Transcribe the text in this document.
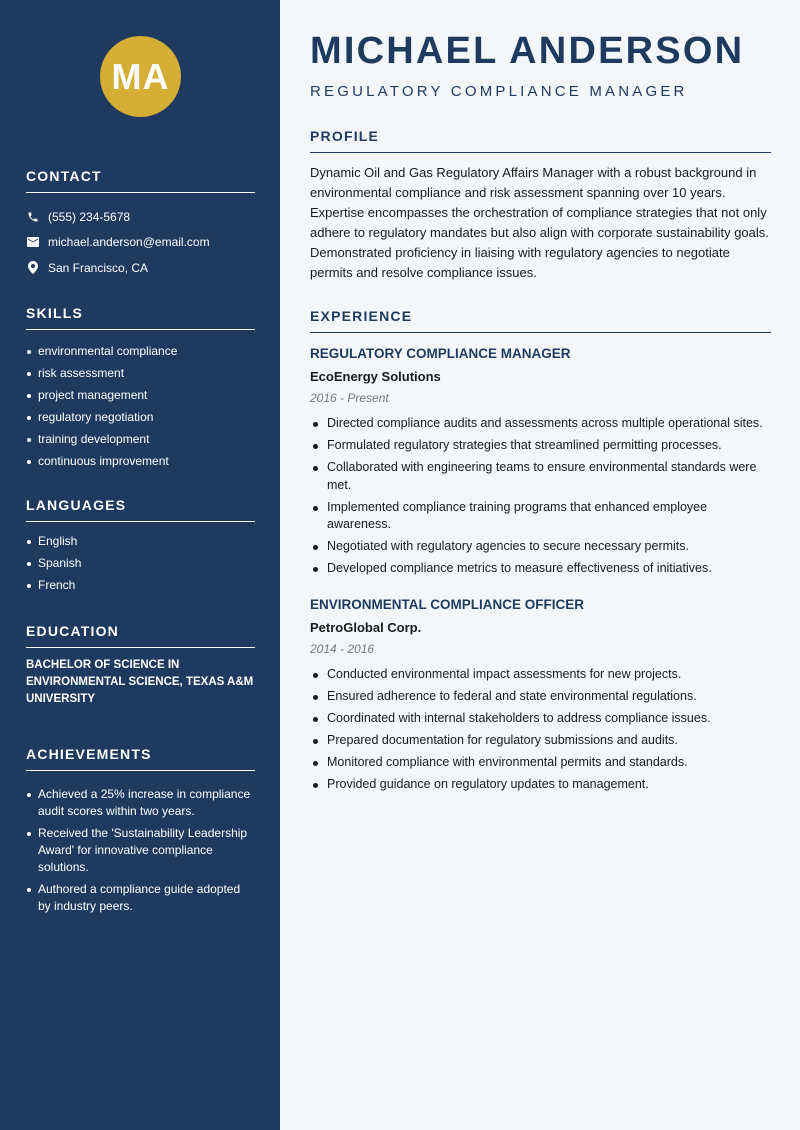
MA
CONTACT
(555) 234-5678
michael.anderson@email.com
San Francisco, CA
SKILLS
environmental compliance
risk assessment
project management
regulatory negotiation
training development
continuous improvement
LANGUAGES
English
Spanish
French
EDUCATION
BACHELOR OF SCIENCE IN ENVIRONMENTAL SCIENCE, TEXAS A&M UNIVERSITY
ACHIEVEMENTS
Achieved a 25% increase in compliance audit scores within two years.
Received the 'Sustainability Leadership Award' for innovative compliance solutions.
Authored a compliance guide adopted by industry peers.
MICHAEL ANDERSON
REGULATORY COMPLIANCE MANAGER
PROFILE
Dynamic Oil and Gas Regulatory Affairs Manager with a robust background in environmental compliance and risk assessment spanning over 10 years. Expertise encompasses the orchestration of compliance strategies that not only adhere to regulatory mandates but also align with corporate sustainability goals. Demonstrated proficiency in liaising with regulatory agencies to negotiate permits and resolve compliance issues.
EXPERIENCE
REGULATORY COMPLIANCE MANAGER
EcoEnergy Solutions
2016 - Present
Directed compliance audits and assessments across multiple operational sites.
Formulated regulatory strategies that streamlined permitting processes.
Collaborated with engineering teams to ensure environmental standards were met.
Implemented compliance training programs that enhanced employee awareness.
Negotiated with regulatory agencies to secure necessary permits.
Developed compliance metrics to measure effectiveness of initiatives.
ENVIRONMENTAL COMPLIANCE OFFICER
PetroGlobal Corp.
2014 - 2016
Conducted environmental impact assessments for new projects.
Ensured adherence to federal and state environmental regulations.
Coordinated with internal stakeholders to address compliance issues.
Prepared documentation for regulatory submissions and audits.
Monitored compliance with environmental permits and standards.
Provided guidance on regulatory updates to management.
